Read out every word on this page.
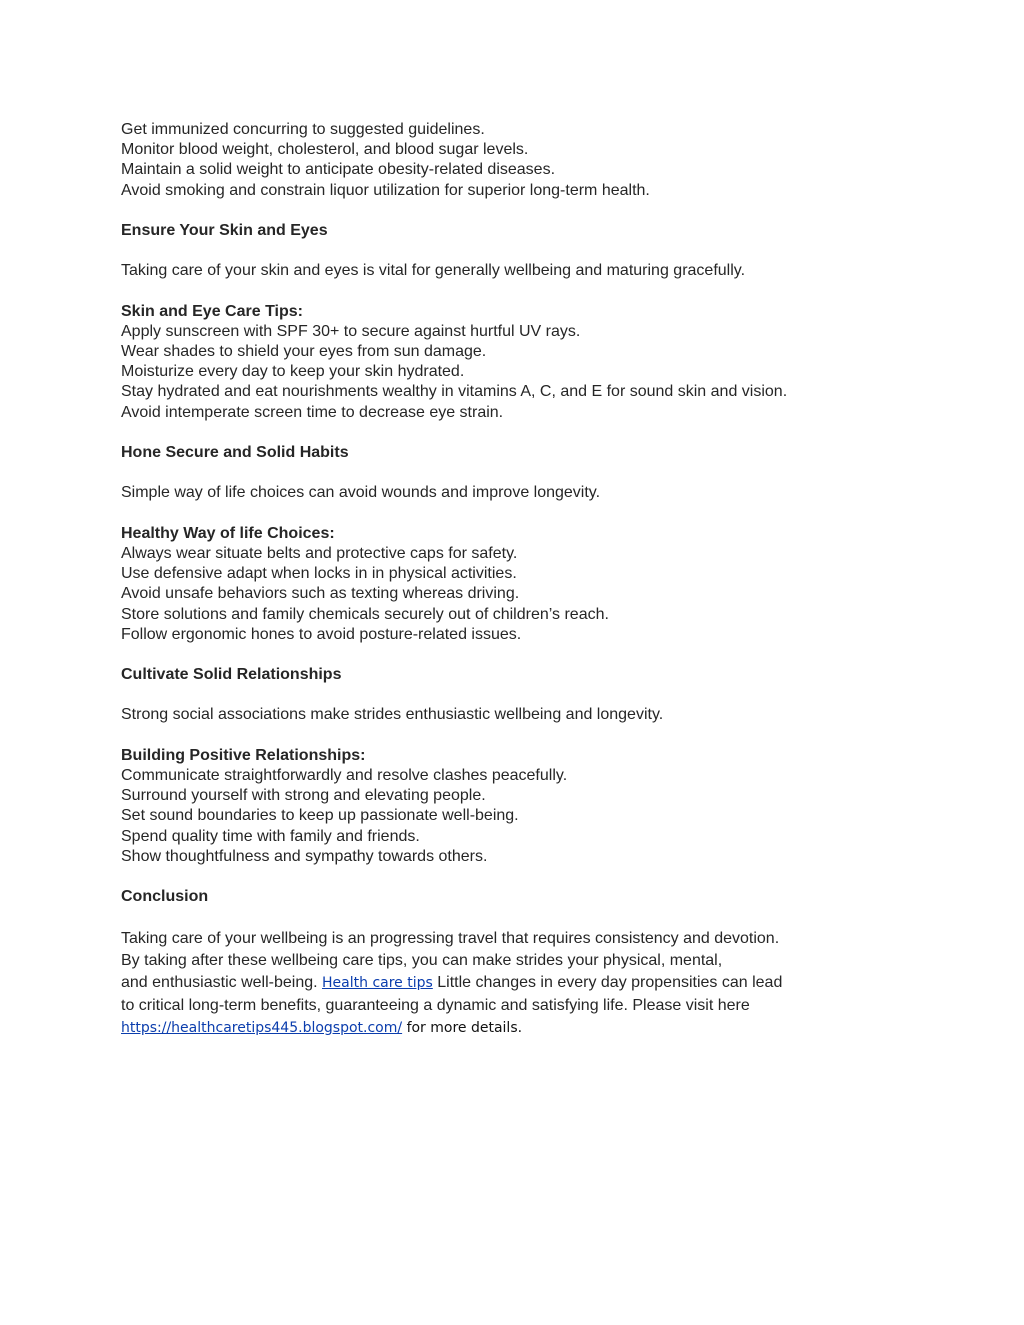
Get immunized concurring to suggested guidelines.
Monitor blood weight, cholesterol, and blood sugar levels.
Maintain a solid weight to anticipate obesity-related diseases.
Avoid smoking and constrain liquor utilization for superior long-term health.
Ensure Your Skin and Eyes
Taking care of your skin and eyes is vital for generally wellbeing and maturing gracefully.
Skin and Eye Care Tips:
Apply sunscreen with SPF 30+ to secure against hurtful UV rays.
Wear shades to shield your eyes from sun damage.
Moisturize every day to keep your skin hydrated.
Stay hydrated and eat nourishments wealthy in vitamins A, C, and E for sound skin and vision.
Avoid intemperate screen time to decrease eye strain.
Hone Secure and Solid Habits
Simple way of life choices can avoid wounds and improve longevity.
Healthy Way of life Choices:
Always wear situate belts and protective caps for safety.
Use defensive adapt when locks in in physical activities.
Avoid unsafe behaviors such as texting whereas driving.
Store solutions and family chemicals securely out of children’s reach.
Follow ergonomic hones to avoid posture-related issues.
Cultivate Solid Relationships
Strong social associations make strides enthusiastic wellbeing and longevity.
Building Positive Relationships:
Communicate straightforwardly and resolve clashes peacefully.
Surround yourself with strong and elevating people.
Set sound boundaries to keep up passionate well-being.
Spend quality time with family and friends.
Show thoughtfulness and sympathy towards others.
Conclusion
Taking care of your wellbeing is an progressing travel that requires consistency and devotion.
By taking after these wellbeing care tips, you can make strides your physical, mental,
and enthusiastic well-being. Health care tips Little changes in every day propensities can lead
to critical long-term benefits, guaranteeing a dynamic and satisfying life. Please visit here
https://healthcaretips445.blogspot.com/ for more details.
